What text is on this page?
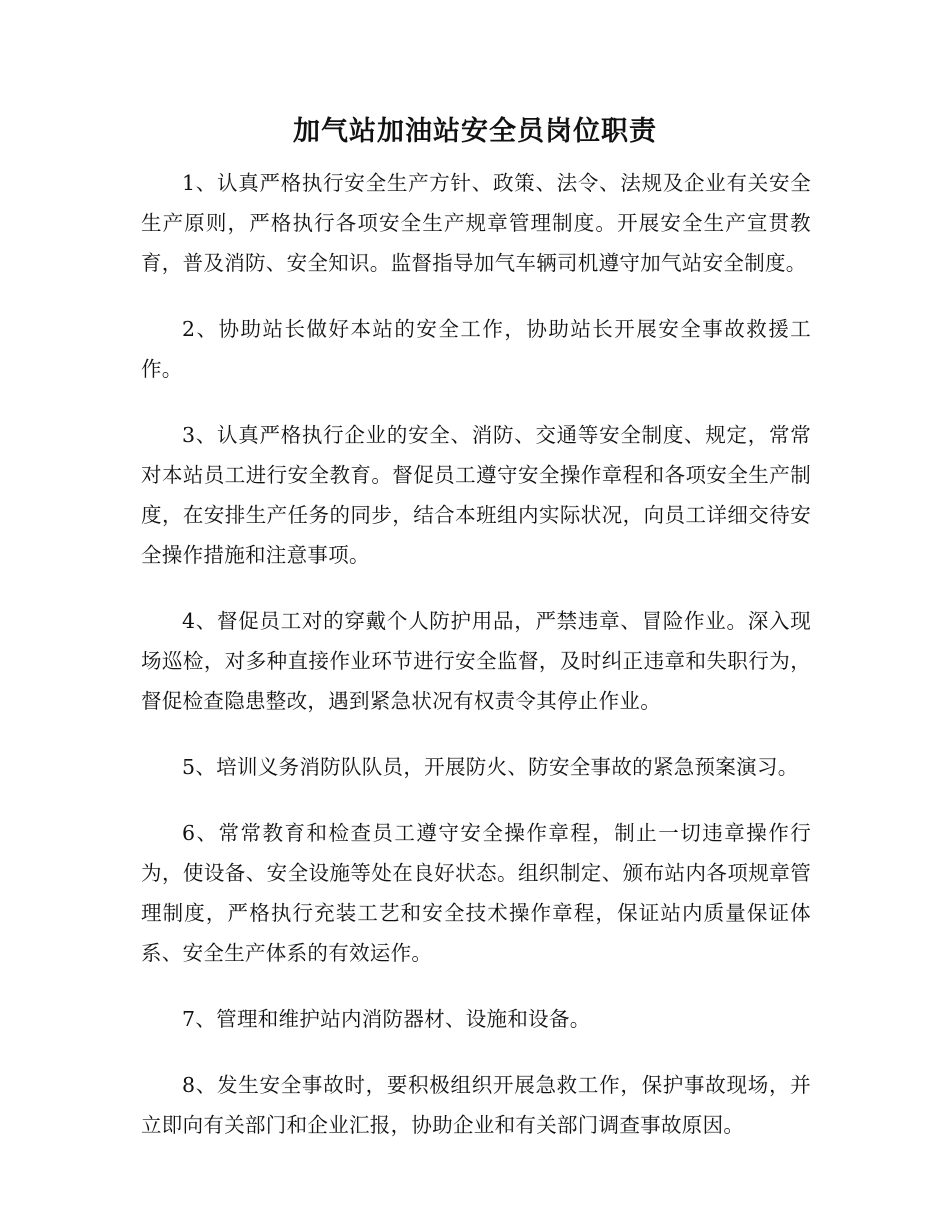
加气站加油站安全员岗位职责

1、认真严格执行安全生产方针、政策、法令、法规及企业有关安全生产原则，严格执行各项安全生产规章管理制度。开展安全生产宣贯教育，普及消防、安全知识。监督指导加气车辆司机遵守加气站安全制度。

2、协助站长做好本站的安全工作，协助站长开展安全事故救援工作。

3、认真严格执行企业的安全、消防、交通等安全制度、规定，常常对本站员工进行安全教育。督促员工遵守安全操作章程和各项安全生产制度，在安排生产任务的同步，结合本班组内实际状况，向员工详细交待安全操作措施和注意事项。

4、督促员工对的穿戴个人防护用品，严禁违章、冒险作业。深入现场巡检，对多种直接作业环节进行安全监督，及时纠正违章和失职行为，督促检查隐患整改，遇到紧急状况有权责令其停止作业。

5、培训义务消防队队员，开展防火、防安全事故的紧急预案演习。

6、常常教育和检查员工遵守安全操作章程，制止一切违章操作行为，使设备、安全设施等处在良好状态。组织制定、颁布站内各项规章管理制度，严格执行充装工艺和安全技术操作章程，保证站内质量保证体系、安全生产体系的有效运作。

7、管理和维护站内消防器材、设施和设备。

8、发生安全事故时，要积极组织开展急救工作，保护事故现场，并立即向有关部门和企业汇报，协助企业和有关部门调查事故原因。
